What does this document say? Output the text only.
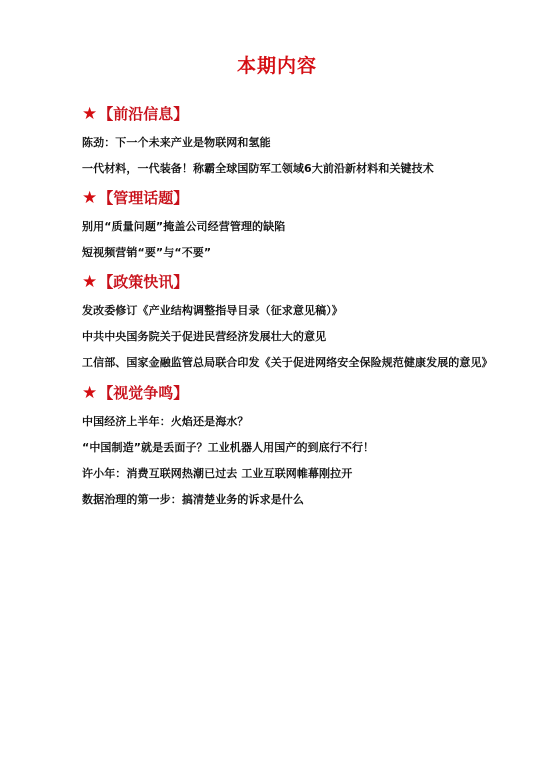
本期内容
★【前沿信息】
陈劲：下一个未来产业是物联网和氢能
一代材料，一代装备！称霸全球国防军工领域6大前沿新材料和关键技术
★【管理话题】
别用“质量问题”掩盖公司经营管理的缺陷
短视频营销“要”与“不要”
★【政策快讯】
发改委修订《产业结构调整指导目录（征求意见稿）》
中共中央国务院关于促进民营经济发展壮大的意见
工信部、国家金融监管总局联合印发《关于促进网络安全保险规范健康发展的意见》
★【视觉争鸣】
中国经济上半年：火焰还是海水？
“中国制造”就是丢面子？工业机器人用国产的到底行不行！
许小年：消费互联网热潮已过去 工业互联网帷幕刚拉开
数据治理的第一步：搞清楚业务的诉求是什么
